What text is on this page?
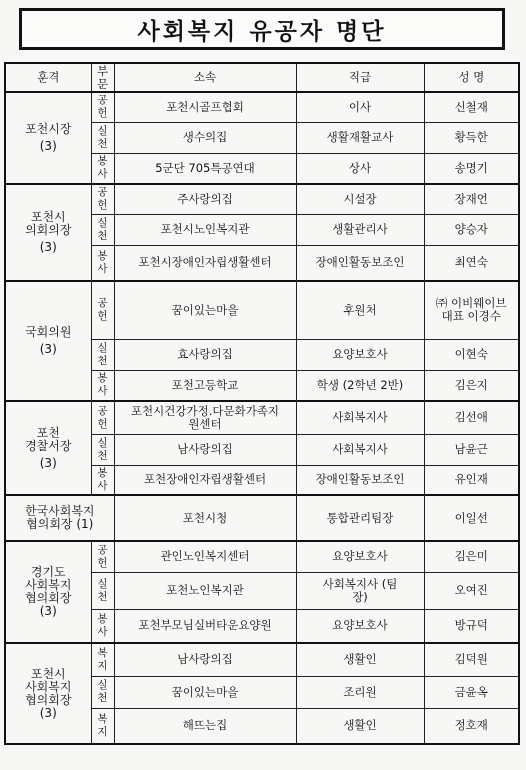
사회복지 유공자 명단
훈격	부문	소속	직급	성 명
포천시장

(3)	공헌	포천시골프협회	이사	신철재
	실천	생수의집	생활재활교사	황득한
	봉사	5군단 705특공연대	상사	송명기
포천시
의회의장

(3)	공헌	주사랑의집	시설장	장재언
	실천	포천시노인복지관	생활관리사	양승자
	봉사	포천시장애인자립생활센터	장애인활동보조인	최연숙
국회의원

(3)	공헌	꿈이있는마을	후원처	㈜ 이비웨이브 대표 이경수
	실천	효사랑의집	요양보호사	이현숙
	봉사	포천고등학교	학생 (2학년 2반)	김은지
포천
경찰서장

(3)	공헌	포천시건강가정.다문화가족지원센터	사회복지사	김선애
	실천	남사랑의집	사회복지사	남윤근
	봉사	포천장애인자립생활센터	장애인활동보조인	유인재
한국사회복지
협의회장 (1)		포천시청	통합관리팀장	이일선
경기도
사회복지
협의회장
(3)	공헌	관인노인복지센터	요양보호사	김은미
	실천	포천노인복지관	사회복지사 (팀장)	오여진
	봉사	포천부모님실버타운요양원	요양보호사	방규덕
포천시
사회복지
협의회장
(3)	복지	남사랑의집	생활인	김덕원
	실천	꿈이있는마을	조리원	금윤옥
	복지	해뜨는집	생활인	정호재
